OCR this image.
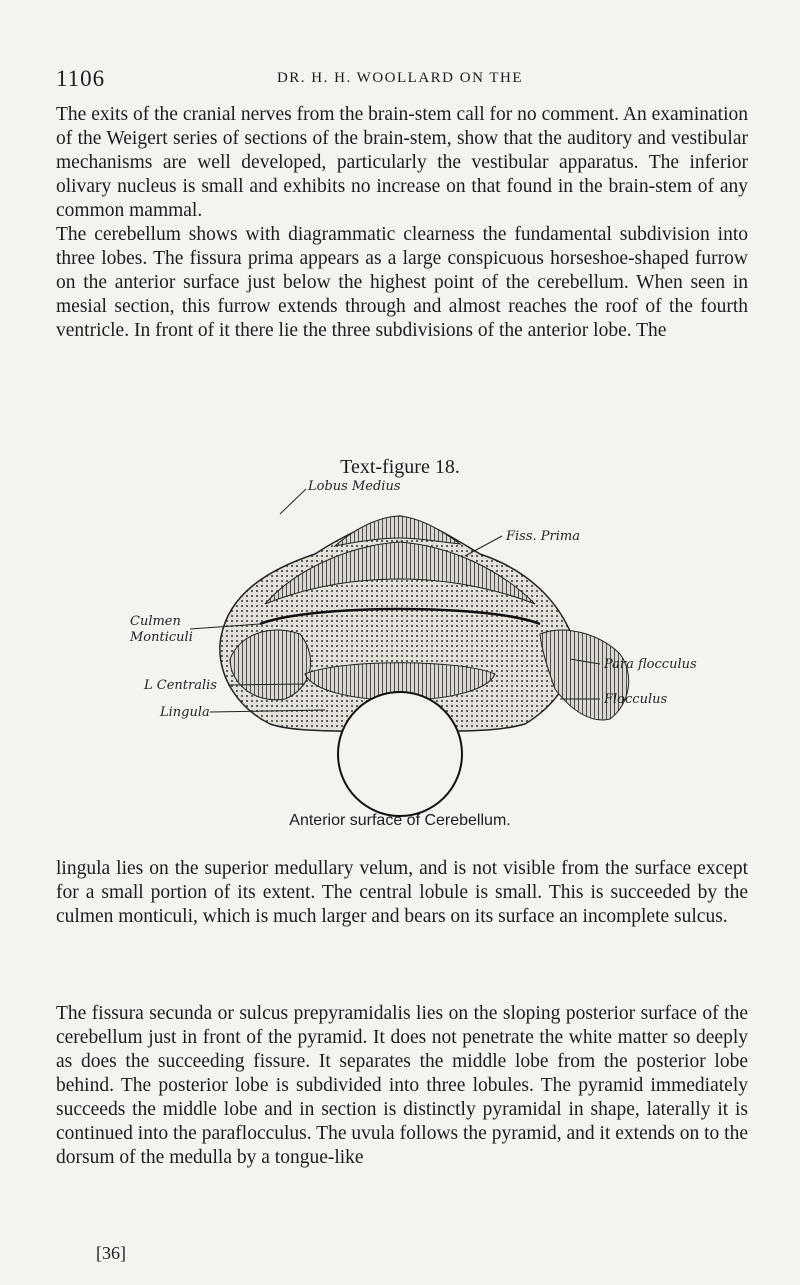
1106	DR. H. H. WOOLLARD ON THE

The exits of the cranial nerves from the brain-stem call for no comment. An examination of the Weigert series of sections of the brain-stem, show that the auditory and vestibular mechanisms are well developed, particularly the vestibular apparatus. The inferior olivary nucleus is small and exhibits no increase on that found in the brain-stem of any common mammal.

The cerebellum shows with diagrammatic clearness the fundamental subdivision into three lobes. The fissura prima appears as a large conspicuous horseshoe-shaped furrow on the anterior surface just below the highest point of the cerebellum. When seen in mesial section, this furrow extends through and almost reaches the roof of the fourth ventricle. In front of it there lie the three subdivisions of the anterior lobe. The

Text-figure 18.
Lobus Medius
Fiss. Prima
Culmen
Monticuli
Para flocculus
L Centralis
Flocculus
Lingula
Anterior surface of Cerebellum.

lingula lies on the superior medullary velum, and is not visible from the surface except for a small portion of its extent. The central lobule is small. This is succeeded by the culmen monticuli, which is much larger and bears on its surface an incomplete sulcus.

The fissura secunda or sulcus prepyramidalis lies on the sloping posterior surface of the cerebellum just in front of the pyramid. It does not penetrate the white matter so deeply as does the succeeding fissure. It separates the middle lobe from the posterior lobe behind. The posterior lobe is subdivided into three lobules. The pyramid immediately succeeds the middle lobe and in section is distinctly pyramidal in shape, laterally it is continued into the paraflocculus. The uvula follows the pyramid, and it extends on to the dorsum of the medulla by a tongue-like

[36]
